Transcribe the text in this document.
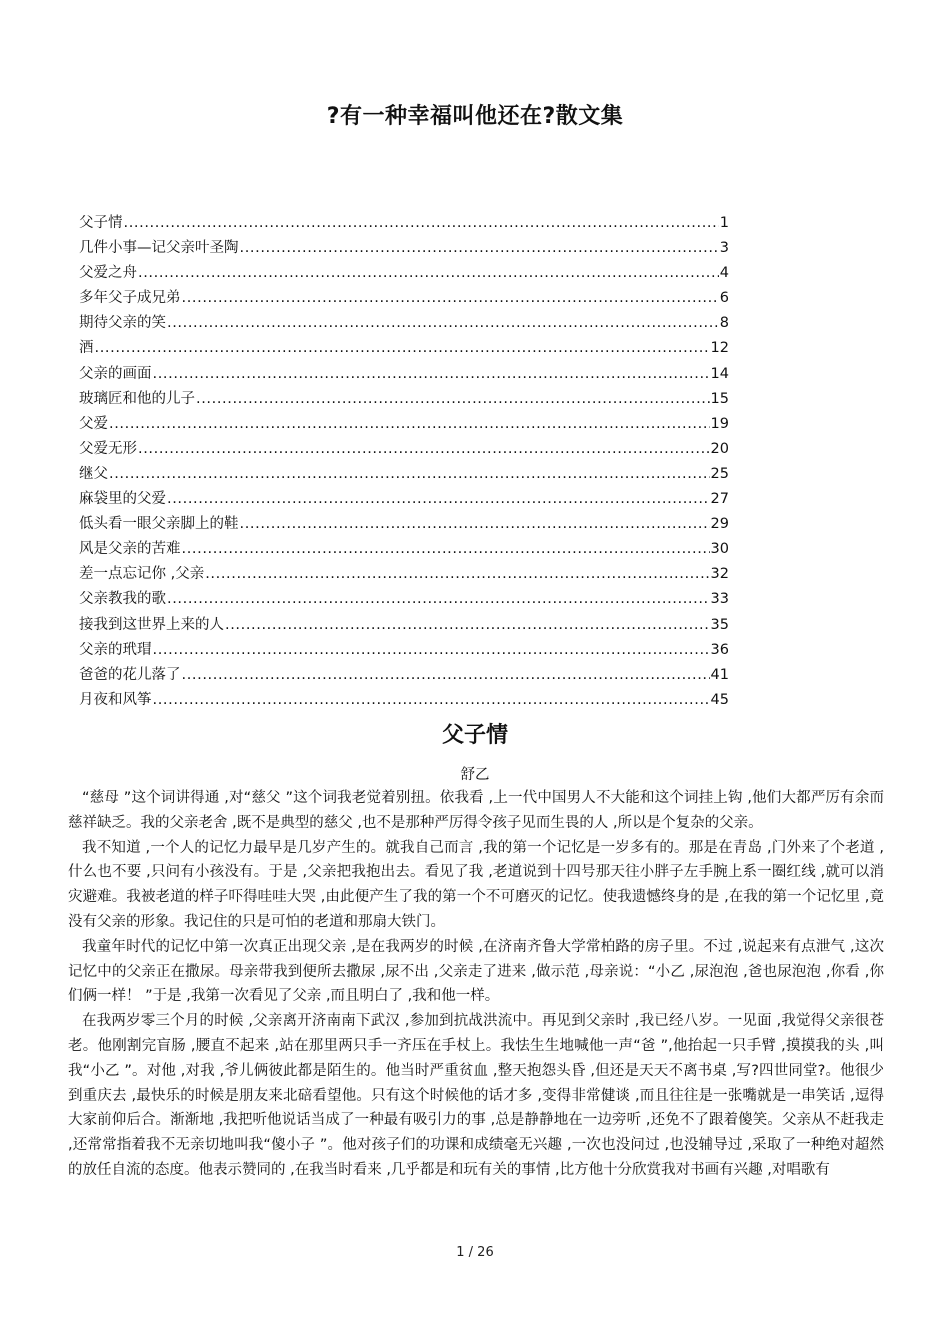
?有一种幸福叫他还在?散文集
父子情 .....	1
几件小事—记父亲叶圣陶 .....	3
父爱之舟 .....	4
多年父子成兄弟 .....	6
期待父亲的笑 .....	8
酒 .....	12
父亲的画面 .....	14
玻璃匠和他的儿子 .....	15
父爱 .....	19
父爱无形 .....	20
继父 .....	25
麻袋里的父爱 .....	27
低头看一眼父亲脚上的鞋 .....	29
风是父亲的苦难 .....	30
差一点忘记你 ,父亲 .....	32
父亲教我的歌 .....	33
接我到这世界上来的人 .....	35
父亲的玳瑁 .....	36
爸爸的花儿落了 .....	41
月夜和风筝 .....	45
父子情
舒乙

“慈母 ”这个词讲得通 ,对“慈父 ”这个词我老觉着别扭。依我看 ,上一代中国男人不大能和这个词挂上钩 ,他们大都严厉有余而慈祥缺乏。我的父亲老舍 ,既不是典型的慈父 ,也不是那种严厉得令孩子见而生畏的人 ,所以是个复杂的父亲。

我不知道 ,一个人的记忆力最早是几岁产生的。就我自己而言 ,我的第一个记忆是一岁多有的。那是在青岛 ,门外来了个老道 ,什么也不要 ,只问有小孩没有。于是 ,父亲把我抱出去。看见了我 ,老道说到十四号那天往小胖子左手腕上系一圈红线 ,就可以消灾避难。我被老道的样子吓得哇哇大哭 ,由此便产生了我的第一个不可磨灭的记忆。使我遗憾终身的是 ,在我的第一个记忆里 ,竟没有父亲的形象。我记住的只是可怕的老道和那扇大铁门。

我童年时代的记忆中第一次真正出现父亲 ,是在我两岁的时候 ,在济南齐鲁大学常柏路的房子里。不过 ,说起来有点泄气 ,这次记忆中的父亲正在撒尿。母亲带我到便所去撒尿 ,尿不出 ,父亲走了进来 ,做示范 ,母亲说：“小乙 ,尿泡泡 ,爸也尿泡泡 ,你看 ,你们俩一样！ ”于是 ,我第一次看见了父亲 ,而且明白了 ,我和他一样。

在我两岁零三个月的时候 ,父亲离开济南南下武汉 ,参加到抗战洪流中。再见到父亲时 ,我已经八岁。一见面 ,我觉得父亲很苍老。他刚割完盲肠 ,腰直不起来 ,站在那里两只手一齐压在手杖上。我怯生生地喊他一声“爸 ”,他抬起一只手臂 ,摸摸我的头 ,叫我“小乙 ”。对他 ,对我 ,爷儿俩彼此都是陌生的。他当时严重贫血 ,整天抱怨头昏 ,但还是天天不离书桌 ,写?四世同堂?。他很少到重庆去 ,最快乐的时候是朋友来北碚看望他。只有这个时候他的话才多 ,变得非常健谈 ,而且往往是一张嘴就是一串笑话 ,逗得大家前仰后合。渐渐地 ,我把听他说话当成了一种最有吸引力的事 ,总是静静地在一边旁听 ,还免不了跟着傻笑。父亲从不赶我走 ,还常常指着我不无亲切地叫我“傻小子 ”。他对孩子们的功课和成绩毫无兴趣 ,一次也没问过 ,也没辅导过 ,采取了一种绝对超然的放任自流的态度。他表示赞同的 ,在我当时看来 ,几乎都是和玩有关的事情 ,比方他十分欣赏我对书画有兴趣 ,对唱歌有

1 / 26
